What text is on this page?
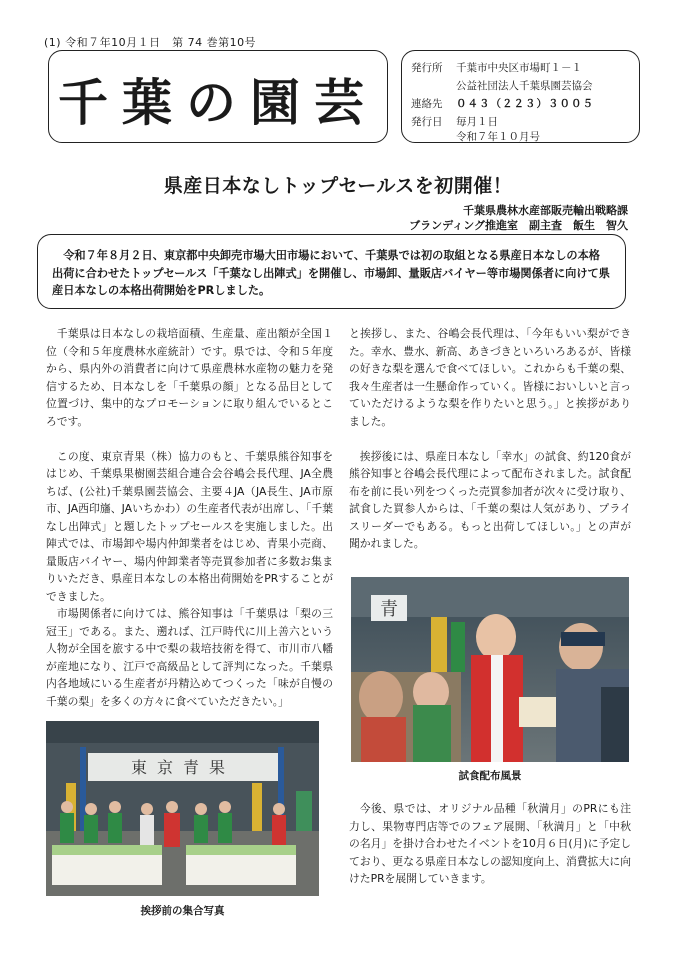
(1) 令和７年10月１日　第 74 巻第10号
千葉の園芸
発行所 千葉市中央区市場町１－１
公益社団法人千葉県園芸協会
連絡先 ０４３（２２３）３００５
発行日 毎月１日
令和７年１０月号
県産日本なしトップセールスを初開催！
千葉県農林水産部販売輸出戦略課
ブランディング推進室　副主査　飯生　智久
令和７年８月２日、東京都中央卸売市場大田市場において、千葉県では初の取組となる県産日本なしの本格出荷に合わせたトップセールス「千葉なし出陣式」を開催し、市場卸、量販店バイヤー等市場関係者に向けて県産日本なしの本格出荷開始をPRしました。

千葉県は日本なしの栽培面積、生産量、産出額が全国１位（令和５年度農林水産統計）です。県では、令和５年度から、県内外の消費者に向けて県産農林水産物の魅力を発信するため、日本なしを「千葉県の顔」となる品目として位置づけ、集中的なプロモーションに取り組んでいるところです。

この度、東京青果（株）協力のもと、千葉県熊谷知事をはじめ、千葉県果樹園芸組合連合会谷嶋会長代理、JA全農ちば、(公社)千葉県園芸協会、主要４JA（JA長生、JA市原市、JA西印旛、JAいちかわ）の生産者代表が出席し、「千葉なし出陣式」と題したトップセールスを実施しました。出陣式では、市場卸や場内仲卸業者をはじめ、青果小売商、量販店バイヤー、場内仲卸業者等売買参加者に多数お集まりいただき、県産日本なしの本格出荷開始をPRすることができました。

市場関係者に向けては、熊谷知事は「千葉県は「梨の三冠王」である。また、遡れば、江戸時代に川上善六という人物が全国を旅する中で梨の栽培技術を得て、市川市八幡が産地になり、江戸で高級品として評判になった。千葉県内各地域にいる生産者が丹精込めてつくった「味が自慢の千葉の梨」を多くの方々に食べていただきたい。」

と挨拶し、また、谷嶋会長代理は、「今年もいい梨ができた。幸水、豊水、新高、あきづきといろいろあるが、皆様の好きな梨を選んで食べてほしい。これからも千葉の梨、我々生産者は一生懸命作っていく。皆様においしいと言っていただけるような梨を作りたいと思う。」と挨拶がありました。

挨拶後には、県産日本なし「幸水」の試食、約120食が熊谷知事と谷嶋会長代理によって配布されました。試食配布を前に長い列をつくった売買参加者が次々に受け取り、試食した買参人からは、「千葉の梨は人気があり、プライスリーダーでもある。もっと出荷してほしい。」との声が聞かれました。

青
試食配布風景

今後、県では、オリジナル品種「秋満月」のPRにも注力し、果物専門店等でのフェア展開、「秋満月」と「中秋の名月」を掛け合わせたイベントを10月６日(月)に予定しており、更なる県産日本なしの認知度向上、消費拡大に向けたPRを展開していきます。

東京青果
挨拶前の集合写真
